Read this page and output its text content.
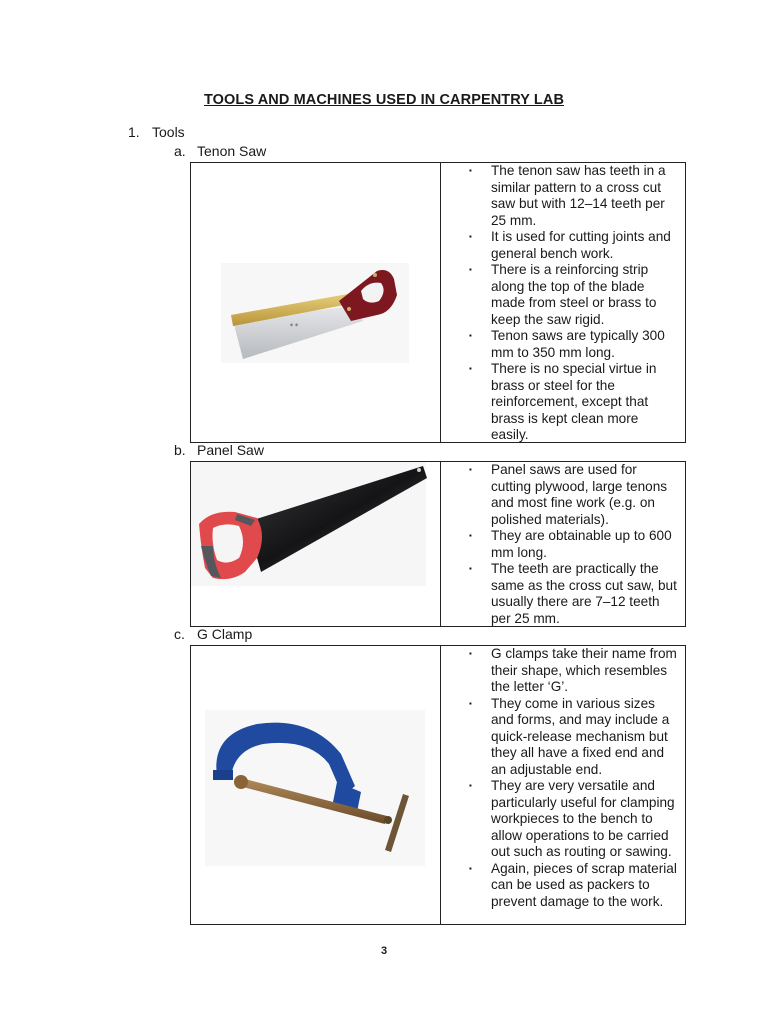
TOOLS AND MACHINES USED IN CARPENTRY LAB
1. Tools
a. Tenon Saw
✶✶
▪ The tenon saw has teeth in a similar pattern to a cross cut saw but with 12–14 teeth per 25 mm.
▪ It is used for cutting joints and general bench work.
▪ There is a reinforcing strip along the top of the blade made from steel or brass to keep the saw rigid.
▪ Tenon saws are typically 300 mm to 350 mm long.
▪ There is no special virtue in brass or steel for the reinforcement, except that brass is kept clean more easily.
b. Panel Saw
▪ Panel saws are used for cutting plywood, large tenons and most fine work (e.g. on polished materials).
▪ They are obtainable up to 600 mm long.
▪ The teeth are practically the same as the cross cut saw, but usually there are 7–12 teeth per 25 mm.
c. G Clamp
▪ G clamps take their name from their shape, which resembles the letter ‘G’.
▪ They come in various sizes and forms, and may include a quick-release mechanism but they all have a fixed end and an adjustable end.
▪ They are very versatile and particularly useful for clamping workpieces to the bench to allow operations to be carried out such as routing or sawing.
▪ Again, pieces of scrap material can be used as packers to prevent damage to the work.
3
